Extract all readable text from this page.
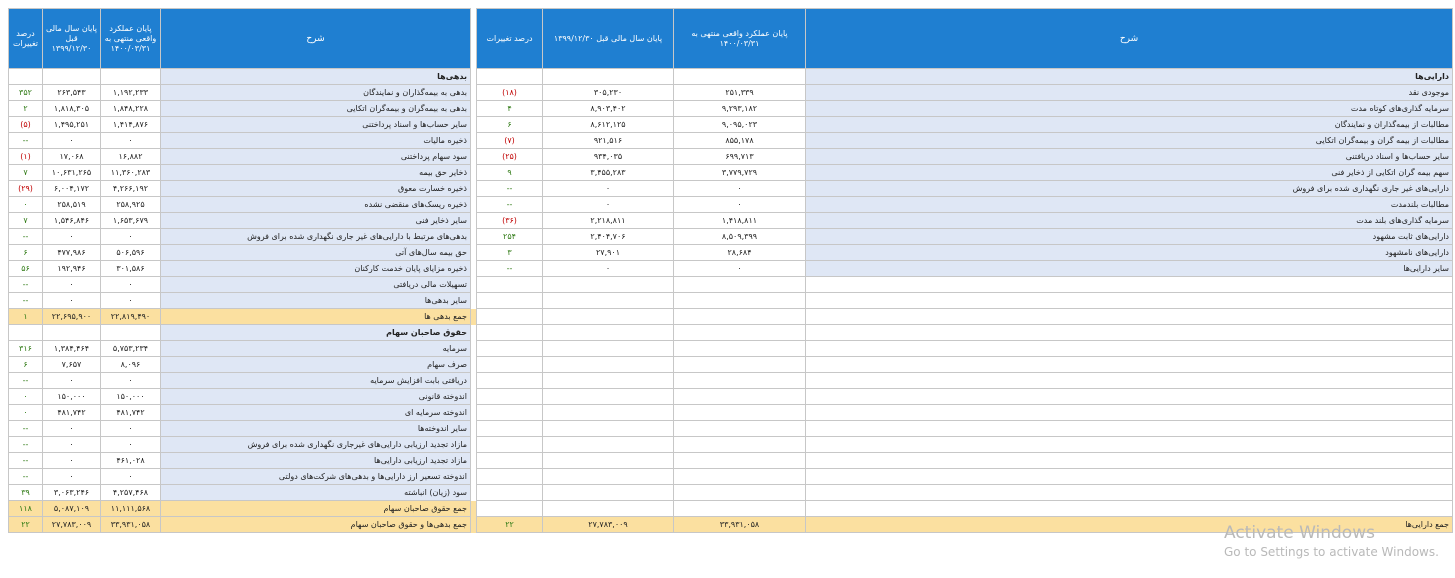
درصد تغییرات	پایان سال مالی قبل ۱۳۹۹/۱۲/۳۰	پایان عملکرد واقعی منتهی به ۱۴۰۰/۰۳/۳۱	شرح		درصد تغییرات	پایان سال مالی قبل ۱۳۹۹/۱۲/۳۰	پایان عملکرد واقعی منتهی به ۱۴۰۰/۰۳/۳۱	شرح
			بدهی‌ها					دارایی‌ها
۳۵۲	۲۶۳,۵۴۳	۱,۱۹۲,۲۳۳	بدهی به بیمه‌گذاران و نمایندگان		(۱۸)	۳۰۵,۲۳۰	۲۵۱,۳۳۹	موجودی نقد
۲	۱,۸۱۸,۳۰۵	۱,۸۴۸,۲۲۸	بدهی به بیمه‌گران و بیمه‌گران اتکایی		۴	۸,۹۰۳,۴۰۲	۹,۲۹۳,۱۸۲	سرمایه گذاری‌های کوتاه مدت
(۵)	۱,۴۹۵,۲۵۱	۱,۴۱۴,۸۷۶	سایر حساب‌ها و اسناد پرداختنی		۶	۸,۶۱۲,۱۲۵	۹,۰۹۵,۰۲۳	مطالبات از بیمه‌گذاران و نمایندگان
--	۰	۰	ذخیره مالیات		(۷)	۹۲۱,۵۱۶	۸۵۵,۱۷۸	مطالبات از بیمه گران و بیمه‌گران اتکایی
(۱)	۱۷,۰۶۸	۱۶,۸۸۲	سود سهام پرداختنی		(۲۵)	۹۳۴,۰۳۵	۶۹۹,۷۱۳	سایر حساب‌ها و اسناد دریافتنی
۷	۱۰,۶۳۱,۲۶۵	۱۱,۳۶۰,۲۸۳	ذخایر حق بیمه		۹	۳,۴۵۵,۲۸۳	۳,۷۷۹,۷۲۹	سهم بیمه گران اتکایی از ذخایر فنی
(۲۹)	۶,۰۰۴,۱۷۲	۴,۲۶۶,۱۹۲	ذخیره خسارت معوق		--	۰	۰	دارایی‌های غیر جاری نگهداری شده برای فروش
۰	۲۵۸,۵۱۹	۲۵۸,۹۲۵	ذخیره ریسک‌های منقضی نشده		--	۰	۰	مطالبات بلندمدت
۷	۱,۵۴۶,۸۴۶	۱,۶۵۳,۶۷۹	سایر ذخایر فنی		(۳۶)	۲,۲۱۸,۸۱۱	۱,۴۱۸,۸۱۱	سرمایه گذاری‌های بلند مدت
--	۰	۰	بدهی‌های مرتبط با دارایی‌های غیر جاری نگهداری شده برای فروش		۲۵۴	۲,۴۰۴,۷۰۶	۸,۵۰۹,۳۹۹	دارایی‌های ثابت مشهود
۶	۴۷۷,۹۸۶	۵۰۶,۵۹۶	حق بیمه سال‌های آتی		۳	۲۷,۹۰۱	۲۸,۶۸۴	دارایی‌های نامشهود
۵۶	۱۹۲,۹۴۶	۳۰۱,۵۸۶	ذخیره مزایای پایان خدمت کارکنان		--	۰	۰	سایر دارایی‌ها
--	۰	۰	تسهیلات مالی دریافتی					
--	۰	۰	سایر بدهی‌ها					
۱	۲۲,۶۹۵,۹۰۰	۲۲,۸۱۹,۴۹۰	جمع بدهی‌ ها					
			حقوق صاحبان سهام					
۳۱۶	۱,۳۸۴,۴۶۴	۵,۷۵۳,۲۳۴	سرمایه					
۶	۷,۶۵۷	۸,۰۹۶	صرف سهام					
--	۰	۰	دریافتی بابت افزایش سرمایه					
۰	۱۵۰,۰۰۰	۱۵۰,۰۰۰	اندوخته قانونی					
۰	۴۸۱,۷۴۲	۴۸۱,۷۴۲	اندوخته سرمایه ای					
--	۰	۰	سایر اندوخته‌ها					
--	۰	۰	مازاد تجدید ارزیابی دارایی‌های غیرجاری نگهداری شده برای فروش					
--	۰	۴۶۱,۰۲۸	مازاد تجدید ارزیابی دارایی‌ها					
--	۰	۰	اندوخته تسعیر ارز دارایی‌ها و بدهی‌های شرکت‌های دولتی					
۳۹	۳,۰۶۳,۲۴۶	۴,۲۵۷,۴۶۸	سود (زیان) انباشته					
۱۱۸	۵,۰۸۷,۱۰۹	۱۱,۱۱۱,۵۶۸	جمع حقوق صاحبان سهام					
۲۲	۲۷,۷۸۳,۰۰۹	۳۳,۹۳۱,۰۵۸	جمع بدهی‌ها و حقوق صاحبان سهام		۲۲	۲۷,۷۸۳,۰۰۹	۳۳,۹۳۱,۰۵۸	جمع دارایی‌ها
Activate Windows
Go to Settings to activate Windows.
